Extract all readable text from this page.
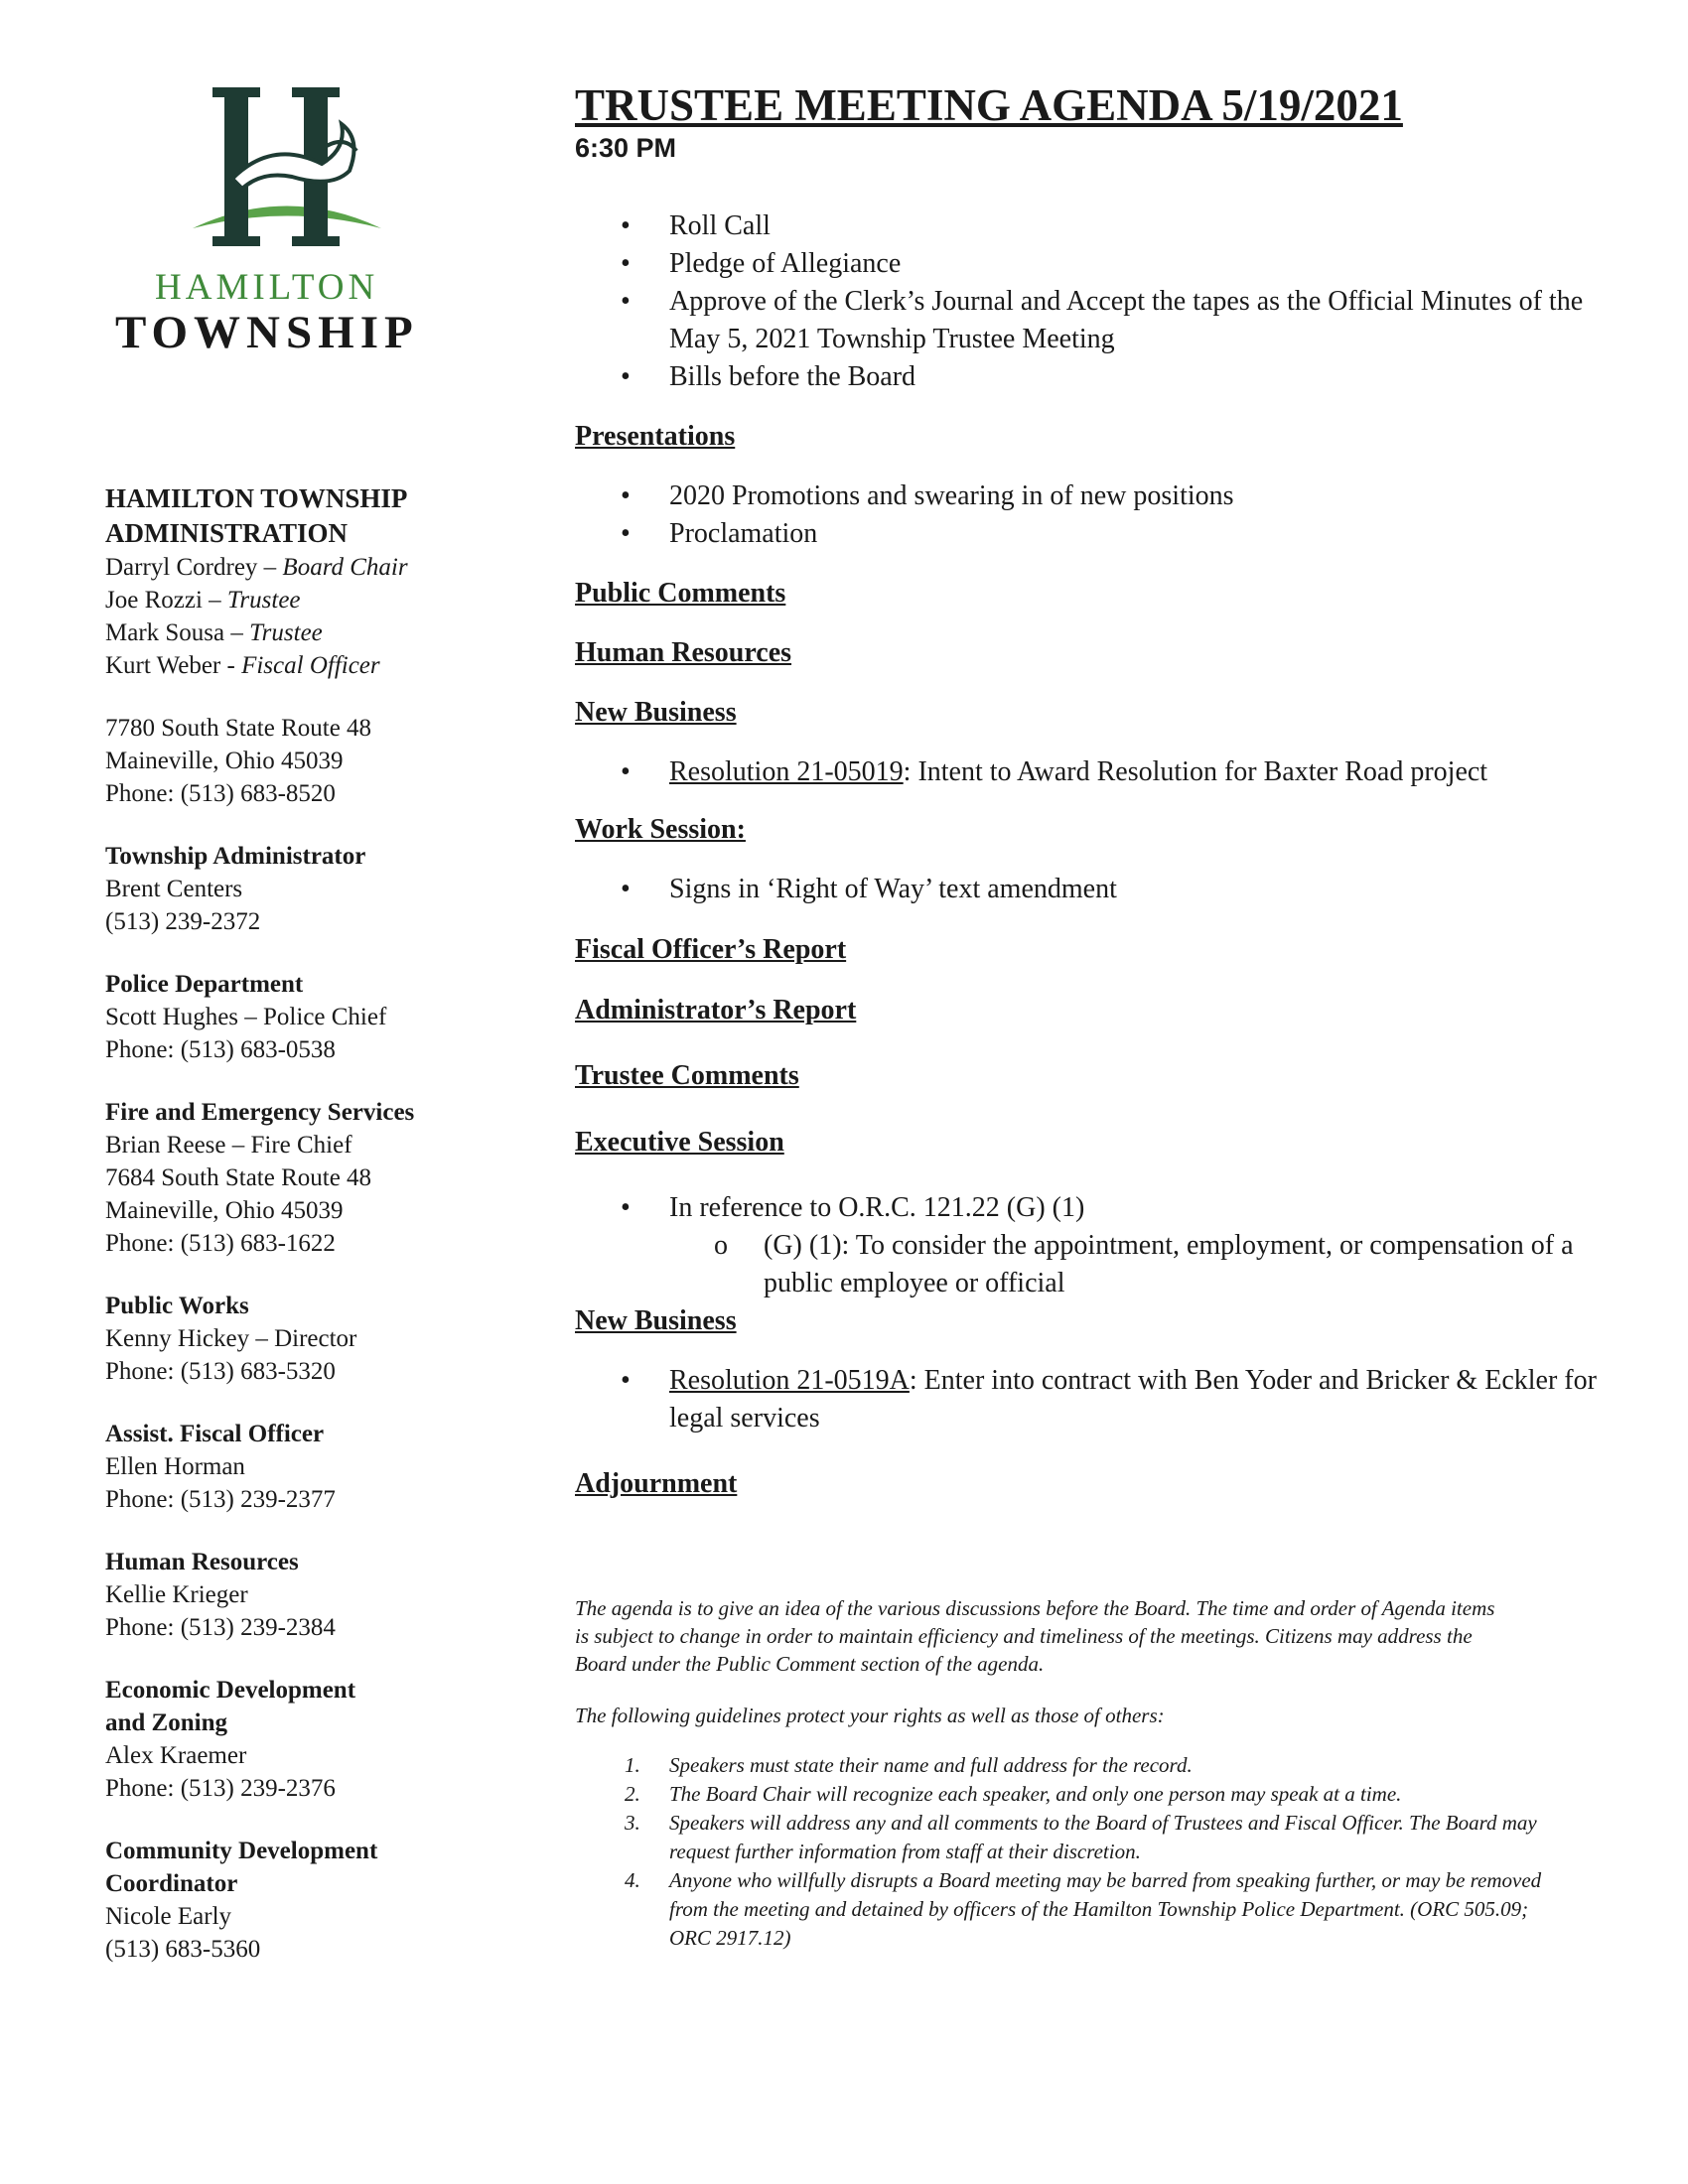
HAMILTON
TOWNSHIP
HAMILTON TOWNSHIP
ADMINISTRATION
Darryl Cordrey – Board Chair
Joe Rozzi – Trustee
Mark Sousa – Trustee
Kurt Weber - Fiscal Officer
7780 South State Route 48
Maineville, Ohio 45039
Phone: (513) 683-8520
Township Administrator
Brent Centers
(513) 239-2372
Police Department
Scott Hughes – Police Chief
Phone: (513) 683-0538
Fire and Emergency Services
Brian Reese – Fire Chief
7684 South State Route 48
Maineville, Ohio 45039
Phone: (513) 683-1622
Public Works
Kenny Hickey – Director
Phone: (513) 683-5320
Assist. Fiscal Officer
Ellen Horman
Phone: (513) 239-2377
Human Resources
Kellie Krieger
Phone: (513) 239-2384
Economic Development
and Zoning
Alex Kraemer
Phone: (513) 239-2376
Community Development
Coordinator
Nicole Early
(513) 683-5360
TRUSTEE MEETING AGENDA 5/19/2021
6:30 PM
• Roll Call
• Pledge of Allegiance
• Approve of the Clerk’s Journal and Accept the tapes as the Official Minutes of the May 5, 2021 Township Trustee Meeting
• Bills before the Board
Presentations
• 2020 Promotions and swearing in of new positions
• Proclamation
Public Comments
Human Resources
New Business
• Resolution 21-05019: Intent to Award Resolution for Baxter Road project
Work Session:
• Signs in ‘Right of Way’ text amendment
Fiscal Officer’s Report
Administrator’s Report
Trustee Comments
Executive Session
• In reference to O.R.C. 121.22 (G) (1)
o (G) (1): To consider the appointment, employment, or compensation of a public employee or official
New Business
• Resolution 21-0519A: Enter into contract with Ben Yoder and Bricker & Eckler for legal services
Adjournment
The agenda is to give an idea of the various discussions before the Board. The time and order of Agenda items is subject to change in order to maintain efficiency and timeliness of the meetings. Citizens may address the Board under the Public Comment section of the agenda.
The following guidelines protect your rights as well as those of others:
1. Speakers must state their name and full address for the record.
2. The Board Chair will recognize each speaker, and only one person may speak at a time.
3. Speakers will address any and all comments to the Board of Trustees and Fiscal Officer. The Board may request further information from staff at their discretion.
4. Anyone who willfully disrupts a Board meeting may be barred from speaking further, or may be removed from the meeting and detained by officers of the Hamilton Township Police Department. (ORC 505.09; ORC 2917.12)
